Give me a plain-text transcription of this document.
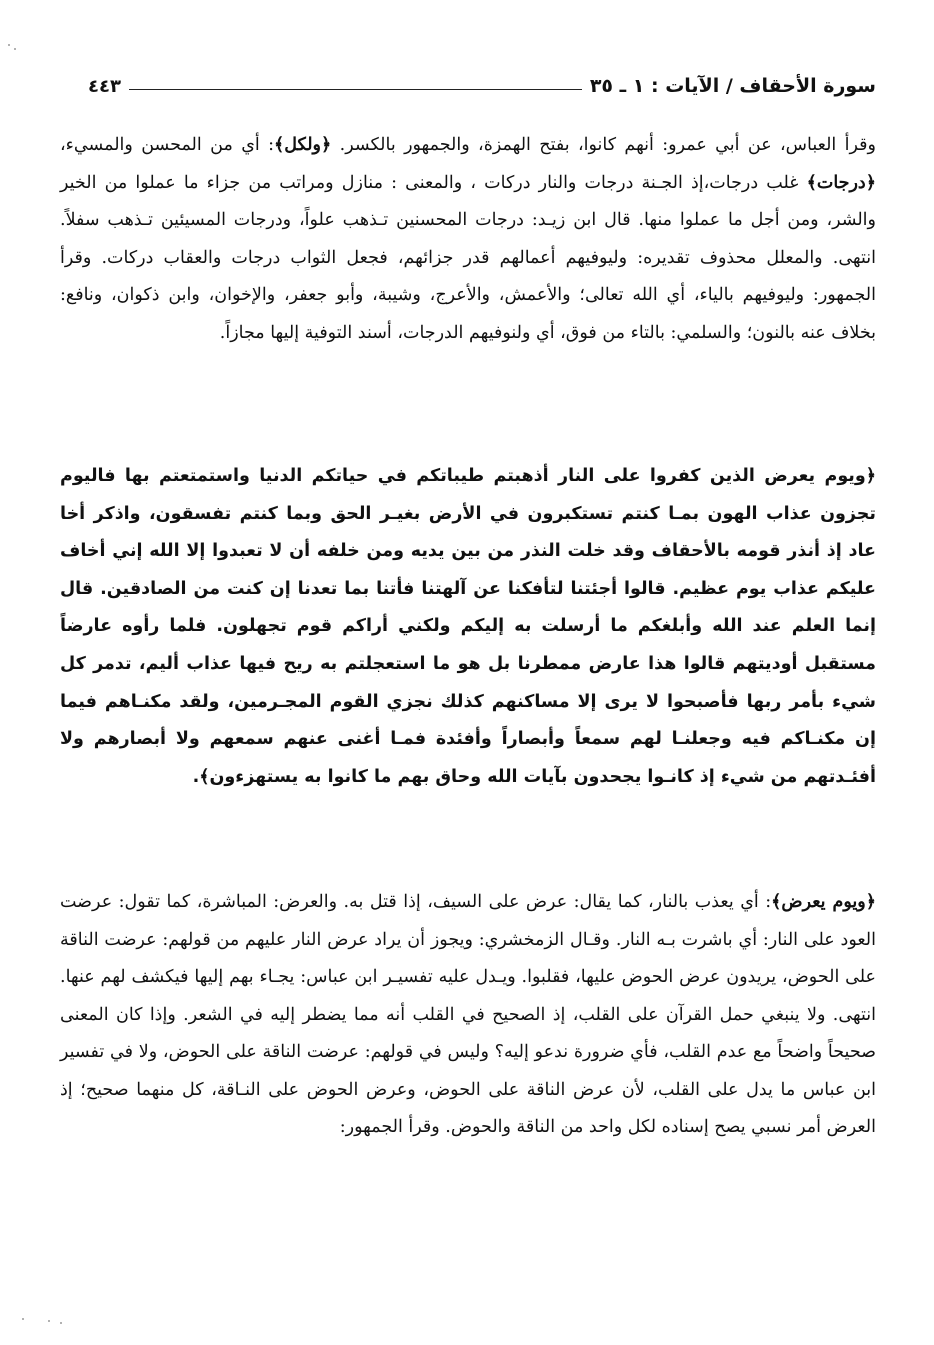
سورة الأحقاف / الآيات : ١ ـ ٣٥
٤٤٣

وقرأ العباس، عن أبي عمرو: أنهم كانوا، بفتح الهمزة، والجمهور بالكسر. ﴿ولكل﴾: أي من المحسن والمسيء، ﴿درجات﴾ غلب درجات،إذ الجـنة درجات والنار دركات ، والمعنى : منازل ومراتب من جزاء ما عملوا من الخير والشر، ومن أجل ما عملوا منها. قال ابن زيـد: درجات المحسنين تـذهب علواً، ودرجات المسيئين تـذهب سفلاً. انتهى. والمعلل محذوف تقديره: وليوفيهم أعمالهم قدر جزائهم، فجعل الثواب درجات والعقاب دركات. وقرأ الجمهور: وليوفيهم بالياء، أي الله تعالى؛ والأعمش، والأعرج، وشيبة، وأبو جعفر، والإخوان، وابن ذكوان، ونافع: بخلاف عنه بالنون؛ والسلمي: بالتاء من فوق، أي ولنوفيهم الدرجات، أسند التوفية إليها مجازاً.

﴿ويوم يعرض الذين كفروا على النار أذهبتم طيباتكم في حياتكم الدنيا واستمتعتم بها فاليوم تجزون عذاب الهون بمـا كنتم تستكبرون في الأرض بغيـر الحق وبما كنتم تفسقون، واذكر أخا عاد إذ أنذر قومه بالأحقاف وقد خلت النذر من بين يديه ومن خلفه أن لا تعبدوا إلا الله إني أخاف عليكم عذاب يوم عظيم. قالوا أجئتنا لتأفكنا عن آلهتنا فأتنا بما تعدنا إن كنت من الصادقين. قال إنما العلم عند الله وأبلغكم ما أرسلت به إليكم ولكني أراكم قوم تجهلون. فلما رأوه عارضاً مستقبل أوديتهم قالوا هذا عارض ممطرنا بل هو ما استعجلتم به ريح فيها عذاب أليم، تدمر كل شيء بأمر ربها فأصبحوا لا يرى إلا مساكنهم كذلك نجزي القوم المجـرمين، ولقد مكنـاهم فيما إن مكنـاكم فيه وجعلنـا لهم سمعاً وأبصاراً وأفئدة فمـا أغنى عنهم سمعهم ولا أبصارهم ولا أفئـدتهم من شيء إذ كانـوا يجحدون بآيات الله وحاق بهم ما كانوا به يستهزءون﴾.

﴿ويوم يعرض﴾: أي يعذب بالنار، كما يقال: عرض على السيف، إذا قتل به. والعرض: المباشرة، كما تقول: عرضت العود على النار: أي باشرت بـه النار. وقـال الزمخشري: ويجوز أن يراد عرض النار عليهم من قولهم: عرضت الناقة على الحوض، يريدون عرض الحوض عليها، فقلبوا. ويـدل عليه تفسيـر ابن عباس: يجـاء بهم إليها فيكشف لهم عنها. انتهى. ولا ينبغي حمل القرآن على القلب، إذ الصحيح في القلب أنه مما يضطر إليه في الشعر. وإذا كان المعنى صحيحاً واضحاً مع عدم القلب، فأي ضرورة ندعو إليه؟ وليس في قولهم: عرضت الناقة على الحوض، ولا في تفسير ابن عباس ما يدل على القلب، لأن عرض الناقة على الحوض، وعرض الحوض على النـاقة، كل منهما صحيح؛ إذ العرض أمر نسبي يصح إسناده لكل واحد من الناقة والحوض. وقرأ الجمهور:
